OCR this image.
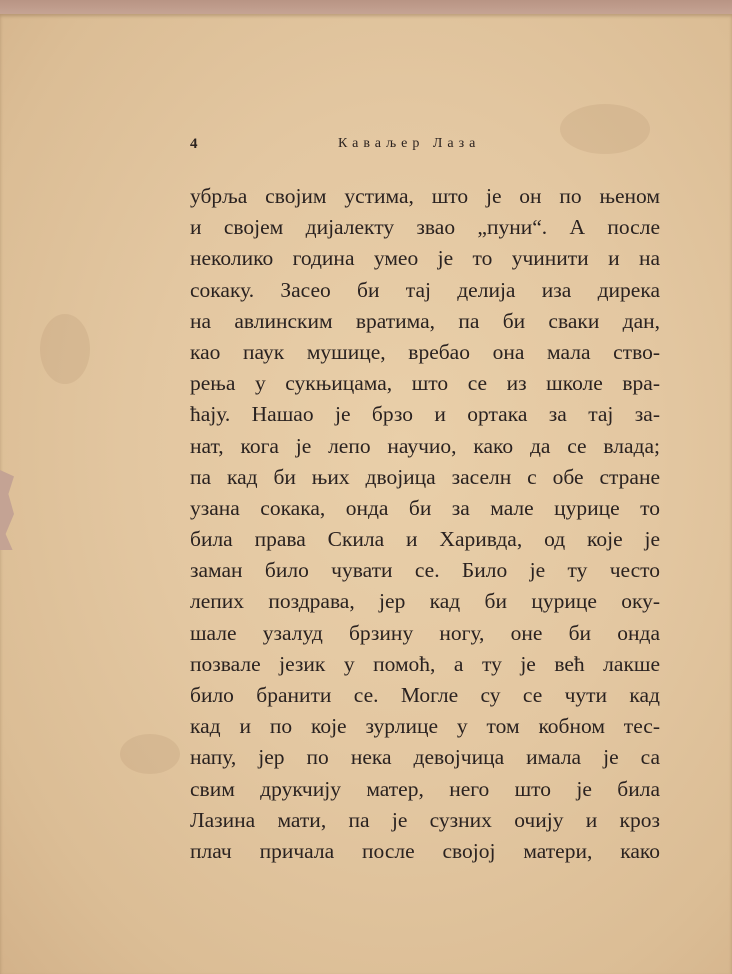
4	Каваљер Лаза
убрља својим устима, што је он по њеном
и својем дијалекту звао „пуни“. А после
неколико година умео је то учинити и на
сокаку. Засео би тај делија иза дирека
на авлинским вратима, па би сваки дан,
као паук мушице, вребао она мала ство-
рења у сукњицама, што се из школе вра-
ћају. Нашао је брзо и ортака за тај за-
нат, кога је лепо научио, како да се влада;
па кад би њих двојица заселн с обе стране
узана сокака, онда би за мале цурице то
била права Скила и Харивда, од које је
заман било чувати се. Било је ту често
лепих поздрава, јер кад би цурице оку-
шале узалуд брзину ногу, оне би онда
позвале језик у помоћ, а ту је већ лакше
било бранити се. Могле су се чути кад
кад и по које зурлице у том кобном тес-
напу, јер по нека девојчица имала је са
свим друкчију матер, него што је била
Лазина мати, па је сузних очију и кроз
плач причала после својој матери, како
